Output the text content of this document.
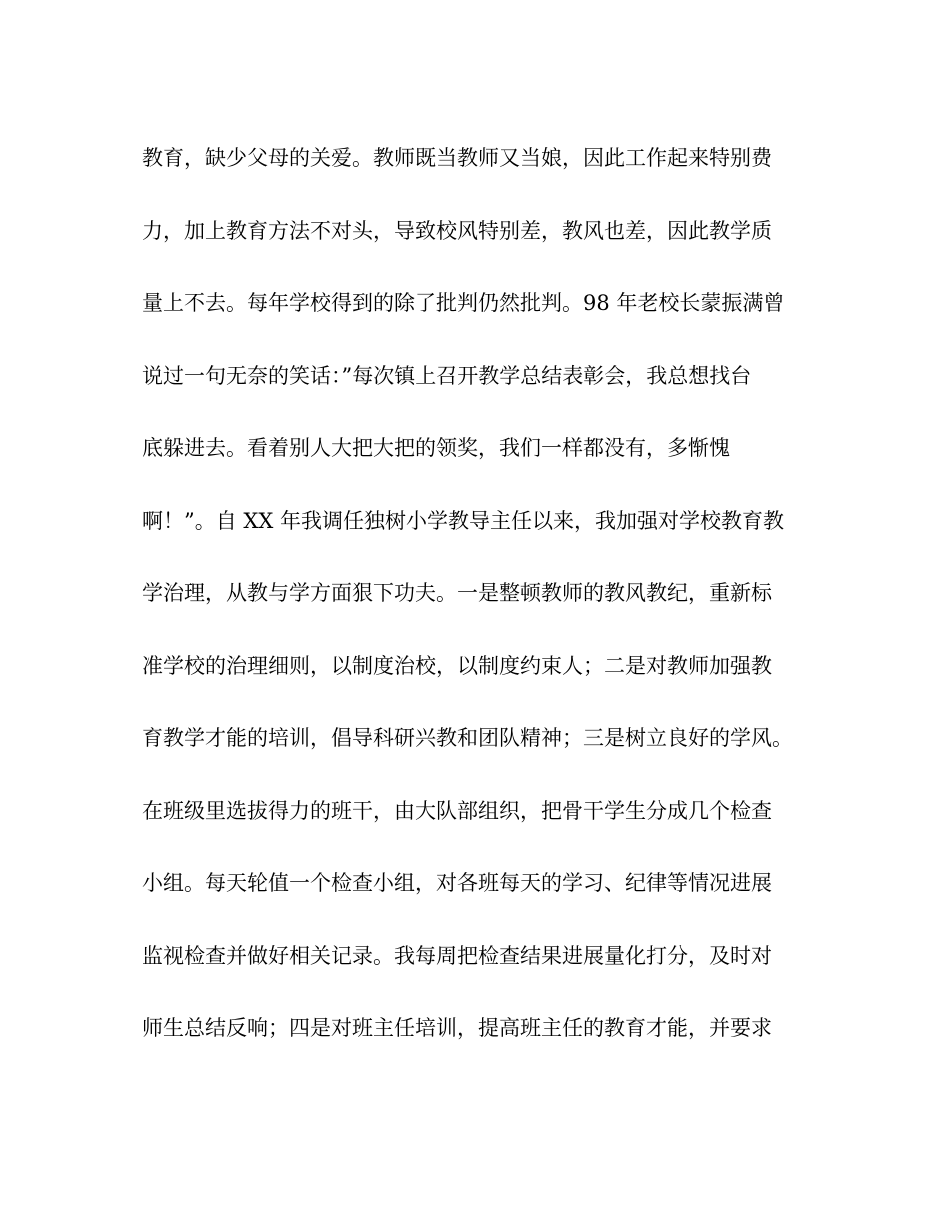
教育，缺少父母的关爱。教师既当教师又当娘，因此工作起来特别费
力，加上教育方法不对头，导致校风特别差，教风也差，因此教学质
量上不去。每年学校得到的除了批判仍然批判。98 年老校长蒙振满曾
说过一句无奈的笑话：”每次镇上召开教学总结表彰会，我总想找台
底躲进去。看着别人大把大把的领奖，我们一样都没有，多惭愧
啊！”。自 XX 年我调任独树小学教导主任以来，我加强对学校教育教
学治理，从教与学方面狠下功夫。一是整顿教师的教风教纪，重新标
准学校的治理细则，以制度治校，以制度约束人；二是对教师加强教
育教学才能的培训，倡导科研兴教和团队精神；三是树立良好的学风。
在班级里选拔得力的班干，由大队部组织，把骨干学生分成几个检查
小组。每天轮值一个检查小组，对各班每天的学习、纪律等情况进展
监视检查并做好相关记录。我每周把检查结果进展量化打分，及时对
师生总结反响；四是对班主任培训，提高班主任的教育才能，并要求
